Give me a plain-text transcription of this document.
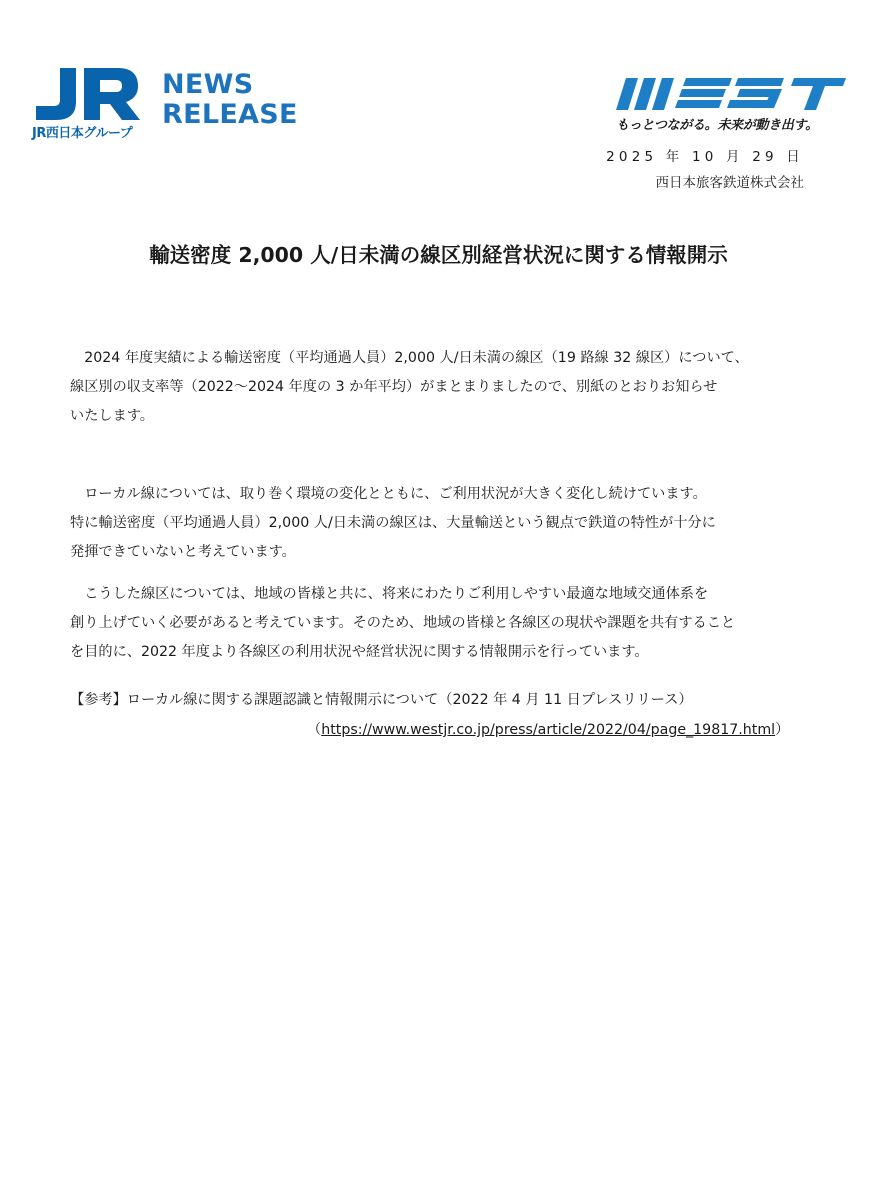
JR西日本グループ
NEWS
RELEASE	もっとつながる。未来が動き出す。
2025 年 10 月 29 日
西日本旅客鉄道株式会社
輸送密度 2,000 人/日未満の線区別経営状況に関する情報開示
　2024 年度実績による輸送密度（平均通過人員）2,000 人/日未満の線区（19 路線 32 線区）について、
線区別の収支率等（2022～2024 年度の 3 か年平均）がまとまりましたので、別紙のとおりお知らせ
いたします。
　ローカル線については、取り巻く環境の変化とともに、ご利用状況が大きく変化し続けています。
特に輸送密度（平均通過人員）2,000 人/日未満の線区は、大量輸送という観点で鉄道の特性が十分に
発揮できていないと考えています。
　こうした線区については、地域の皆様と共に、将来にわたりご利用しやすい最適な地域交通体系を
創り上げていく必要があると考えています。そのため、地域の皆様と各線区の現状や課題を共有すること
を目的に、2022 年度より各線区の利用状況や経営状況に関する情報開示を行っています。
【参考】ローカル線に関する課題認識と情報開示について（2022 年 4 月 11 日プレスリリース）
（https://www.westjr.co.jp/press/article/2022/04/page_19817.html）
